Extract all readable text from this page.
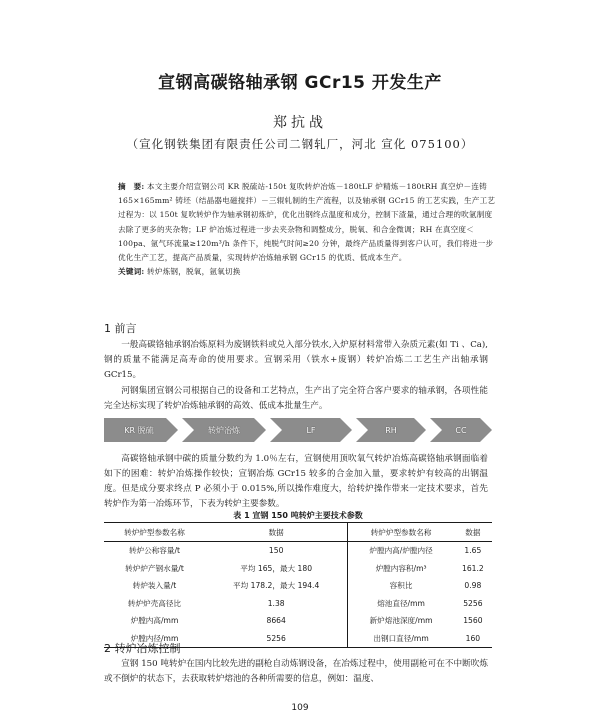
宣钢高碳铬轴承钢 GCr15 开发生产
郑抗战
（宣化钢铁集团有限责任公司二钢轧厂，河北 宣化 075100）
摘　要: 本文主要介绍宣钢公司 KR 脱硫站-150t 复吹转炉冶炼－180tLF 炉精炼－180tRH 真空炉－连铸 165×165mm² 铸坯（结晶器电磁搅拌）－三辊轧制的生产流程，以及轴承钢 GCr15 的工艺实践，生产工艺过程为：以 150t 复吹转炉作为轴承钢初炼炉，优化出钢终点温度和成分，控制下渣量，通过合理的吹氩制度去除了更多的夹杂物；LF 炉冶炼过程进一步去夹杂物和调整成分，脱氧、和合金微调；RH 在真空度＜100pa、氩气环流量≥120m³/h 条件下，纯脱气时间≥20 分钟，最终产品质量得到客户认可，我们将进一步优化生产工艺，提高产品质量，实现转炉冶炼轴承钢 GCr15 的优质、低成本生产。
关键词: 转炉炼钢，脱氧，氩氧切换
1 前言
一般高碳铬轴承钢冶炼原料为废钢铁料或兑入部分铁水,入炉原材料常带入杂质元素(如 Ti 、Ca),钢的质量不能满足高寿命的使用要求。宣钢采用（铁水+废钢）转炉冶炼二工艺生产出轴承钢 GCr15。
河钢集团宣钢公司根据自己的设备和工艺特点，生产出了完全符合客户要求的轴承钢，各项性能完全达标实现了转炉冶炼轴承钢的高效、低成本批量生产。
KR 脱硫	转炉冶炼	LF	RH	CC
高碳铬轴承钢中碳的质量分数约为 1.0％左右，宣钢使用顶吹氧气转炉冶炼高碳铬轴承钢面临着如下的困难：转炉冶炼操作较快；宣钢冶炼 GCr15 较多的合金加入量，要求转炉有较高的出钢温度。但是成分要求终点 P 必须小于 0.015%,所以操作难度大，给转炉操作带来一定技术要求，首先转炉作为第一冶炼环节，下表为转炉主要参数。
表 1 宣钢 150 吨转炉主要技术参数
转炉炉型参数名称	数据	转炉炉型参数名称	数据
转炉公称容量/t	150	炉膛内高/炉膛内径	1.65
转炉炉产钢水量/t	平均 165，最大 180	炉膛内容积/m³	161.2
转炉装入量/t	平均 178.2，最大 194.4	容积比	0.98
转炉炉壳高径比	1.38	熔池直径/mm	5256
炉膛内高/mm	8664	新炉熔池深度/mm	1560
炉膛内径/mm	5256	出钢口直径/mm	160
2 转炉冶炼控制
宣钢 150 吨转炉在国内比较先进的副枪自动炼钢设备，在冶炼过程中，使用副枪可在不中断吹炼或不倒炉的状态下，去获取转炉熔池的各种所需要的信息，例如：温度、
109
